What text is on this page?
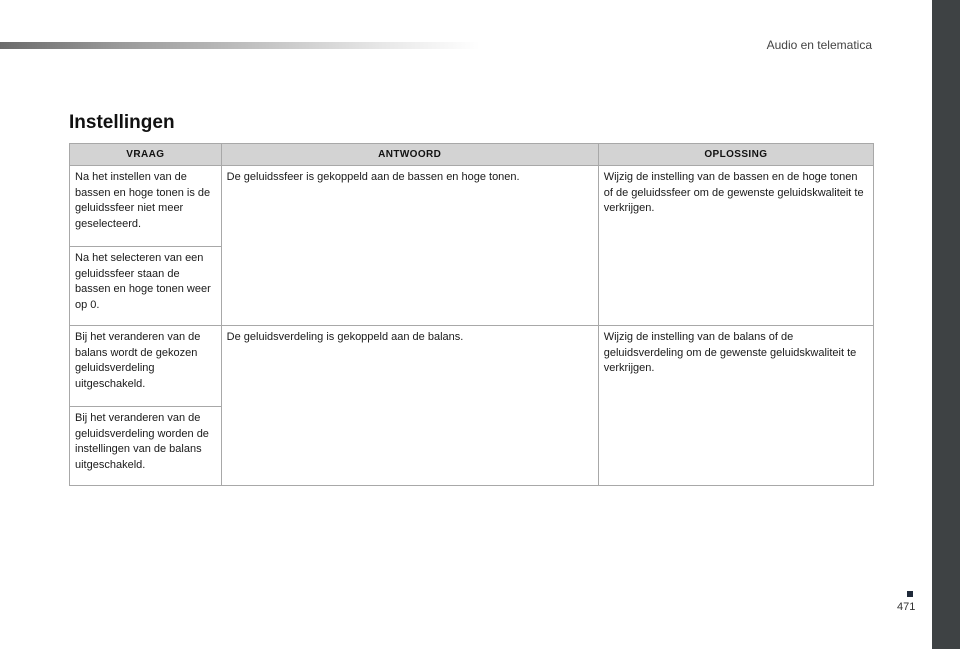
Audio en telematica
Instellingen
VRAAG	ANTWOORD	OPLOSSING
Na het instellen van de bassen en hoge tonen is de geluidssfeer niet meer geselecteerd.	De geluidssfeer is gekoppeld aan de bassen en hoge tonen.	Wijzig de instelling van de bassen en de hoge tonen of de geluidssfeer om de gewenste geluidskwaliteit te verkrijgen.
Na het selecteren van een geluidssfeer staan de bassen en hoge tonen weer op 0.		
Bij het veranderen van de balans wordt de gekozen geluidsverdeling uitgeschakeld.	De geluidsverdeling is gekoppeld aan de balans.	Wijzig de instelling van de balans of de geluidsverdeling om de gewenste geluidskwaliteit te verkrijgen.
Bij het veranderen van de geluidsverdeling worden de instellingen van de balans uitgeschakeld.		
471
